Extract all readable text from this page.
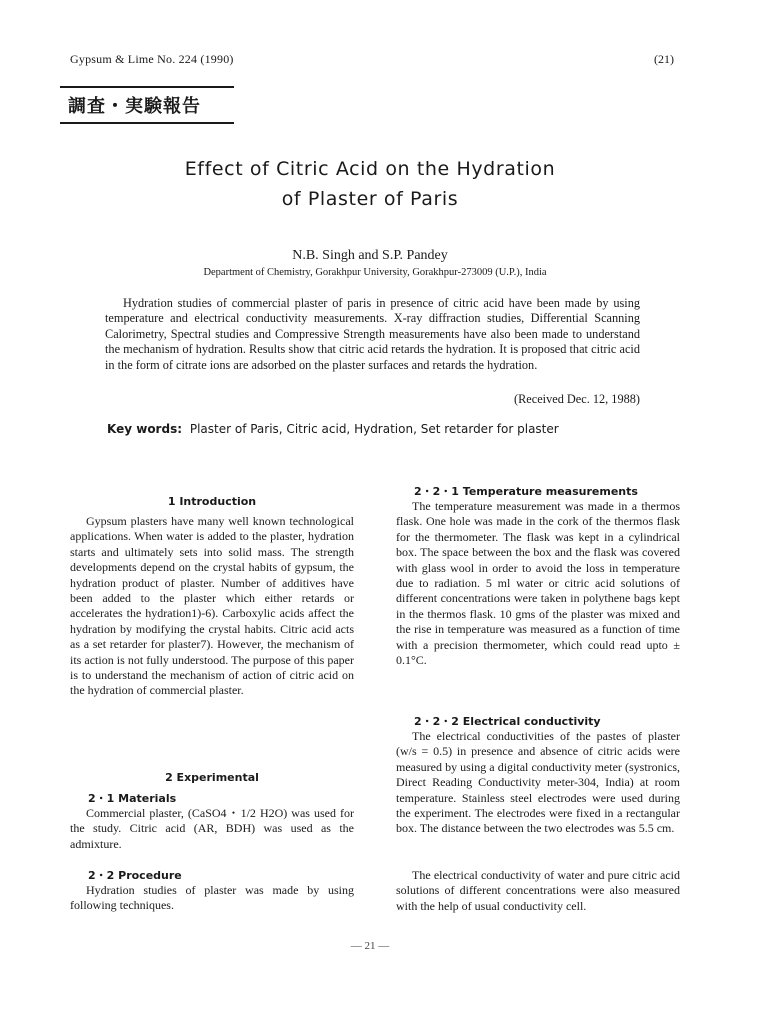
Gypsum & Lime No. 224 (1990)	(21)
調査・実験報告
Effect of Citric Acid on the Hydration
of Plaster of Paris
N.B. Singh and S.P. Pandey
Department of Chemistry, Gorakhpur University, Gorakhpur-273009 (U.P.), India

Hydration studies of commercial plaster of paris in presence of citric acid have been made by using temperature and electrical conductivity measurements. X-ray diffraction studies, Differential Scanning Calorimetry, Spectral studies and Compressive Strength measurements have also been made to understand the mechanism of hydration. Results show that citric acid retards the hydration. It is proposed that citric acid in the form of citrate ions are adsorbed on the plaster surfaces and retards the hydration.

(Received Dec. 12, 1988)
Key words: Plaster of Paris, Citric acid, Hydration, Set retarder for plaster
1 Introduction

Gypsum plasters have many well known technological applications. When water is added to the plaster, hydration starts and ultimately sets into solid mass. The strength developments depend on the crystal habits of gypsum, the hydration product of plaster. Number of additives have been added to the plaster which either retards or accelerates the hydration1)-6). Carboxylic acids affect the hydration by modifying the crystal habits. Citric acid acts as a set retarder for plaster7). However, the mechanism of its action is not fully understood. The purpose of this paper is to understand the mechanism of action of citric acid on the hydration of commercial plaster.

2 Experimental
2・1 Materials

Commercial plaster, (CaSO4・1/2 H2O) was used for the study. Citric acid (AR, BDH) was used as the admixture.

2・2 Procedure

Hydration studies of plaster was made by using following techniques.

2・2・1 Temperature measurements

The temperature measurement was made in a thermos flask. One hole was made in the cork of the thermos flask for the thermometer. The flask was kept in a cylindrical box. The space between the box and the flask was covered with glass wool in order to avoid the loss in temperature due to radiation. 5 ml water or citric acid solutions of different concentrations were taken in polythene bags kept in the thermos flask. 10 gms of the plaster was mixed and the rise in temperature was measured as a function of time with a precision thermometer, which could read upto ± 0.1°C.

2・2・2 Electrical conductivity

The electrical conductivities of the pastes of plaster (w/s = 0.5) in presence and absence of citric acids were measured by using a digital conductivity meter (systronics, Direct Reading Conductivity meter-304, India) at room temperature. Stainless steel electrodes were used during the experiment. The electrodes were fixed in a rectangular box. The distance between the two electrodes was 5.5 cm.

The electrical conductivity of water and pure citric acid solutions of different concentrations were also measured with the help of usual conductivity cell.

— 21 —
